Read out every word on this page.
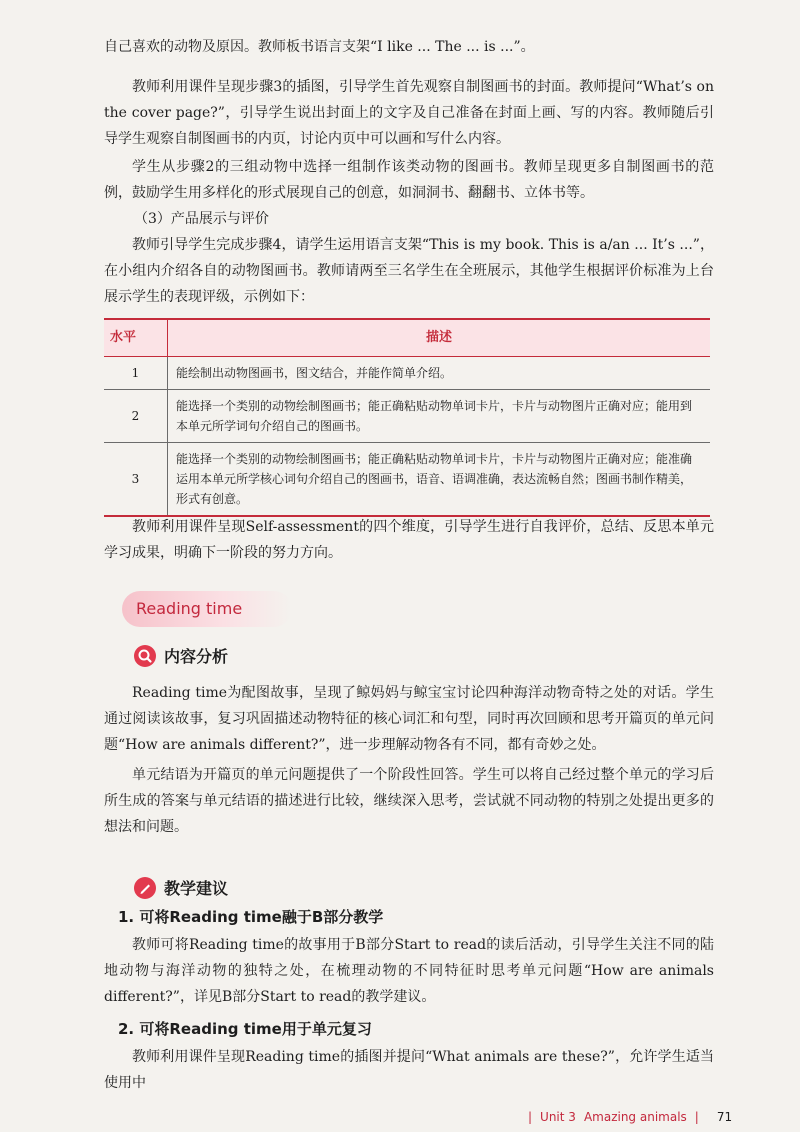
自己喜欢的动物及原因。教师板书语言支架“I like ... The ... is ...”。

教师利用课件呈现步骤3的插图，引导学生首先观察自制图画书的封面。教师提问“What’s on the cover page?”，引导学生说出封面上的文字及自己准备在封面上画、写的内容。教师随后引导学生观察自制图画书的内页，讨论内页中可以画和写什么内容。

学生从步骤2的三组动物中选择一组制作该类动物的图画书。教师呈现更多自制图画书的范例，鼓励学生用多样化的形式展现自己的创意，如洞洞书、翻翻书、立体书等。

（3）产品展示与评价

教师引导学生完成步骤4，请学生运用语言支架“This is my book. This is a/an ... It’s ...”，在小组内介绍各自的动物图画书。教师请两至三名学生在全班展示，其他学生根据评价标准为上台展示学生的表现评级，示例如下：

水平	描述
1	能绘制出动物图画书，图文结合，并能作简单介绍。
2	能选择一个类别的动物绘制图画书；能正确粘贴动物单词卡片，卡片与动物图片正确对应；能用到本单元所学词句介绍自己的图画书。
3	能选择一个类别的动物绘制图画书；能正确粘贴动物单词卡片，卡片与动物图片正确对应；能准确运用本单元所学核心词句介绍自己的图画书，语音、语调准确，表达流畅自然；图画书制作精美，形式有创意。

教师利用课件呈现Self-assessment的四个维度，引导学生进行自我评价，总结、反思本单元学习成果，明确下一阶段的努力方向。

Reading time
内容分析

Reading time为配图故事，呈现了鲸妈妈与鲸宝宝讨论四种海洋动物奇特之处的对话。学生通过阅读该故事，复习巩固描述动物特征的核心词汇和句型，同时再次回顾和思考开篇页的单元问题“How are animals different?”，进一步理解动物各有不同，都有奇妙之处。

单元结语为开篇页的单元问题提供了一个阶段性回答。学生可以将自己经过整个单元的学习后所生成的答案与单元结语的描述进行比较，继续深入思考，尝试就不同动物的特别之处提出更多的想法和问题。

教学建议
1. 可将Reading time融于B部分教学

教师可将Reading time的故事用于B部分Start to read的读后活动，引导学生关注不同的陆地动物与海洋动物的独特之处，在梳理动物的不同特征时思考单元问题“How are animals different?”，详见B部分Start to read的教学建议。

2. 可将Reading time用于单元复习

教师利用课件呈现Reading time的插图并提问“What animals are these?”，允许学生适当使用中

| Unit 3 Amazing animals | 71
